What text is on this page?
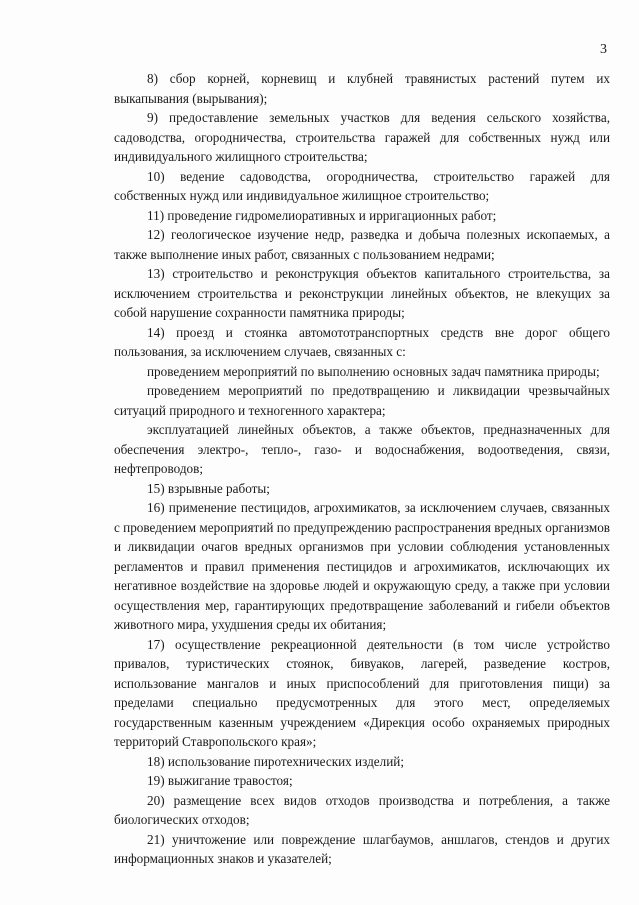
3

8) сбор корней, корневищ и клубней травянистых растений путем их выкапывания (вырывания);

9) предоставление земельных участков для ведения сельского хозяйства, садоводства, огородничества, строительства гаражей для собственных нужд или индивидуального жилищного строительства;

10) ведение садоводства, огородничества, строительство гаражей для собственных нужд или индивидуальное жилищное строительство;

11) проведение гидромелиоративных и ирригационных работ;

12) геологическое изучение недр, разведка и добыча полезных ископаемых, а также выполнение иных работ, связанных с пользованием недрами;

13) строительство и реконструкция объектов капитального строительства, за исключением строительства и реконструкции линейных объектов, не влекущих за собой нарушение сохранности памятника природы;

14) проезд и стоянка автомототранспортных средств вне дорог общего пользования, за исключением случаев, связанных с:

проведением мероприятий по выполнению основных задач памятника природы;

проведением мероприятий по предотвращению и ликвидации чрезвычайных ситуаций природного и техногенного характера;

эксплуатацией линейных объектов, а также объектов, предназначенных для обеспечения электро-, тепло-, газо- и водоснабжения, водоотведения, связи, нефтепроводов;

15) взрывные работы;

16) применение пестицидов, агрохимикатов, за исключением случаев, связанных с проведением мероприятий по предупреждению распространения вредных организмов и ликвидации очагов вредных организмов при условии соблюдения установленных регламентов и правил применения пестицидов и агрохимикатов, исключающих их негативное воздействие на здоровье людей и окружающую среду, а также при условии осуществления мер, гарантирующих предотвращение заболеваний и гибели объектов животного мира, ухудшения среды их обитания;

17) осуществление рекреационной деятельности (в том числе устройство привалов, туристических стоянок, бивуаков, лагерей, разведение костров, использование мангалов и иных приспособлений для приготовления пищи) за пределами специально предусмотренных для этого мест, определяемых государственным казенным учреждением «Дирекция особо охраняемых природных территорий Ставропольского края»;

18) использование пиротехнических изделий;

19) выжигание травостоя;

20) размещение всех видов отходов производства и потребления, а также биологических отходов;

21) уничтожение или повреждение шлагбаумов, аншлагов, стендов и других информационных знаков и указателей;
